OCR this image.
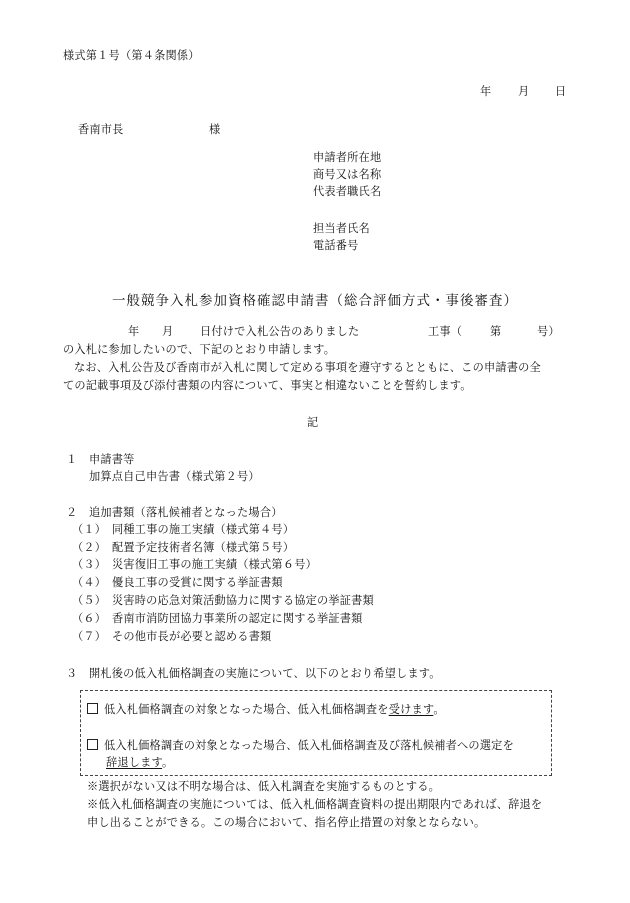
様式第１号（第４条関係）
年 月 日
香南市長	様
申請者所在地
商号又は名称
代表者職氏名
担当者氏名
電話番号
一般競争入札参加資格確認申請書（総合評価方式・事後審査）
年 月 日付けで入札公告のありました	工事（ 第	号）
の入札に参加したいので、下記のとおり申請します。
なお、入札公告及び香南市が入札に関して定める事項を遵守するとともに、この申請書の全ての記載事項及び添付書類の内容について、事実と相違ないことを誓約します。
記
１ 申請書等
加算点自己申告書（様式第２号）
２ 追加書類（落札候補者となった場合）
（１） 同種工事の施工実績（様式第４号）
（２） 配置予定技術者名簿（様式第５号）
（３） 災害復旧工事の施工実績（様式第６号）
（４） 優良工事の受賞に関する挙証書類
（５） 災害時の応急対策活動協力に関する協定の挙証書類
（６） 香南市消防団協力事業所の認定に関する挙証書類
（７） その他市長が必要と認める書類
３ 開札後の低入札価格調査の実施について、以下のとおり希望します。
低入札価格調査の対象となった場合、低入札価格調査を受けます。
低入札価格調査の対象となった場合、低入札価格調査及び落札候補者への選定を
辞退します。
※選択がない又は不明な場合は、低入札調査を実施するものとする。
※低入札価格調査の実施については、低入札価格調査資料の提出期限内であれば、辞退を申し出ることができる。この場合において、指名停止措置の対象とならない。
